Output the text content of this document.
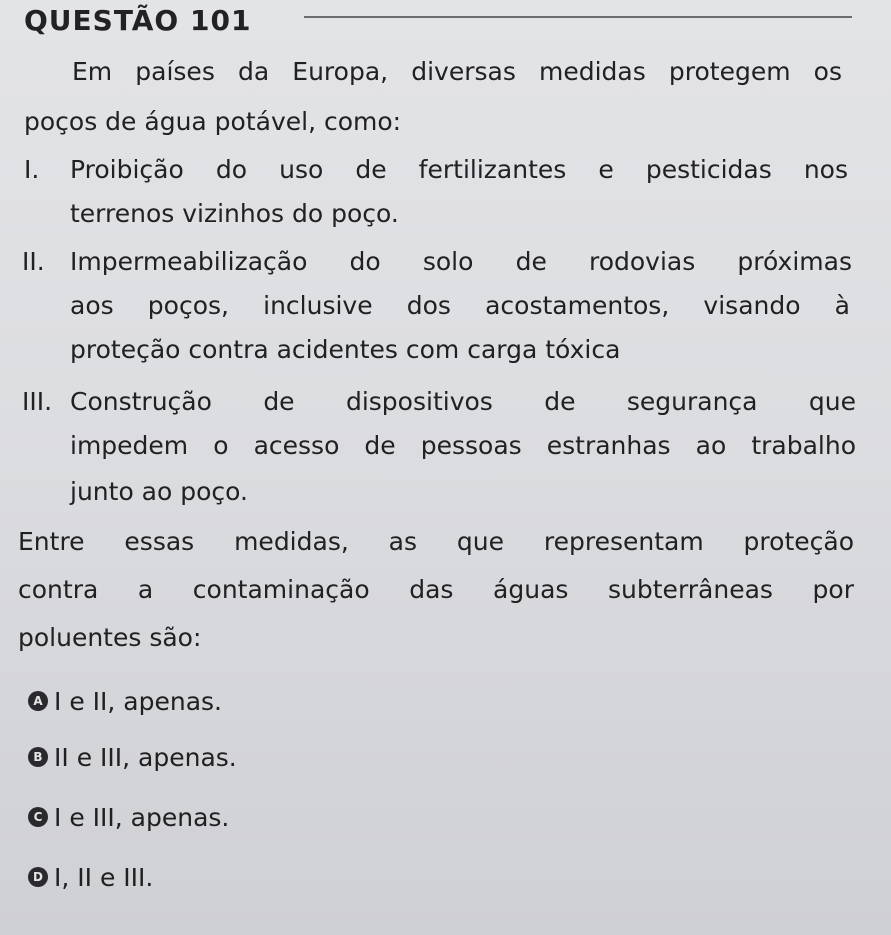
QUESTÃO 101
Em países da Europa, diversas medidas protegem os
poços de água potável, como:
I. Proibição do uso de fertilizantes e pesticidas nos
terrenos vizinhos do poço.
II. Impermeabilização do solo de rodovias próximas
aos poços, inclusive dos acostamentos, visando à
proteção contra acidentes com carga tóxica
III. Construção de dispositivos de segurança que
impedem o acesso de pessoas estranhas ao trabalho
junto ao poço.
Entre essas medidas, as que representam proteção
contra a contaminação das águas subterrâneas por
poluentes são:
A I e II, apenas.
B II e III, apenas.
C I e III, apenas.
D I, II e III.
